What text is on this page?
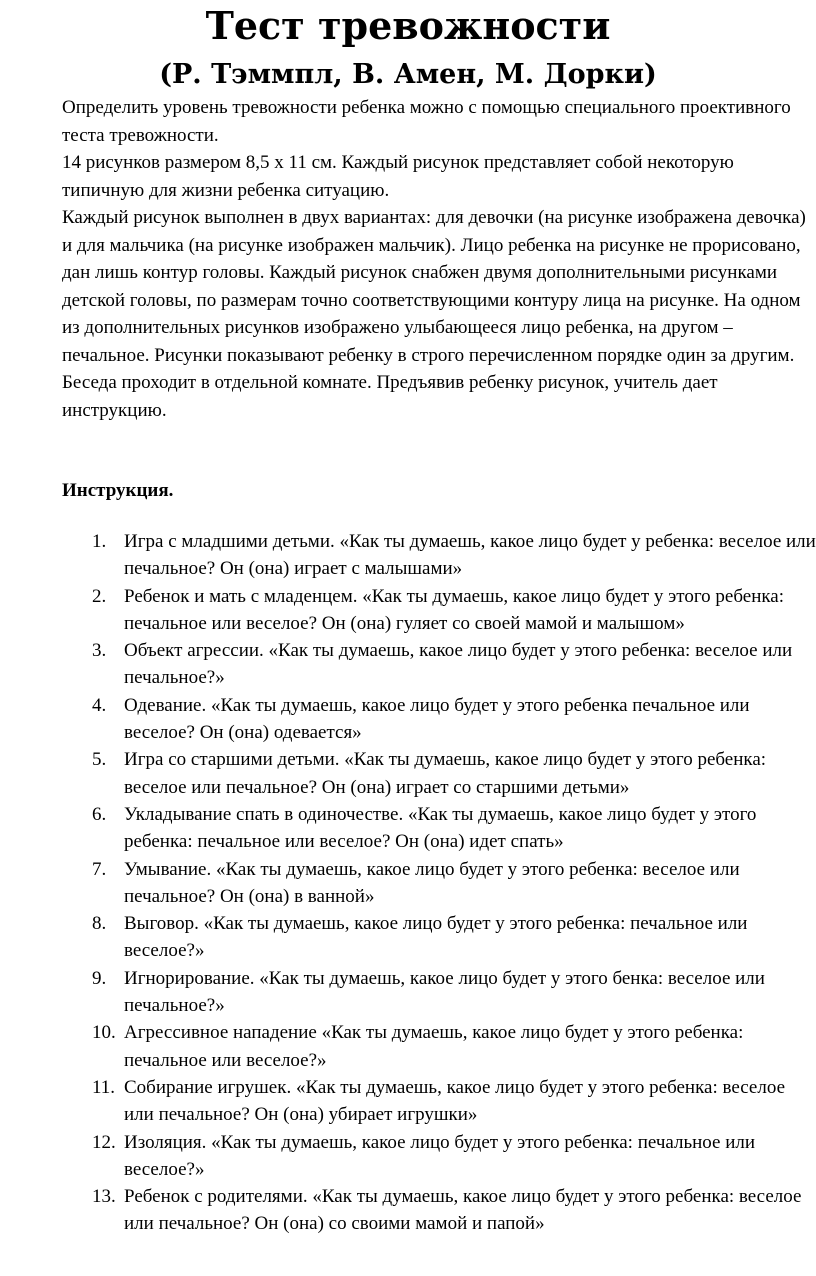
Тест тревожности
(Р. Тэммпл, В. Амен, М. Дорки)

Определить уровень тревожности ребенка можно с помощью специального проективного теста тревожности.

14 рисунков размером 8,5 х 11 см. Каждый рисунок представляет собой некоторую типичную для жизни ребенка ситуацию.

Каждый рисунок выполнен в двух вариантах: для девочки (на рисунке изображена девочка) и для мальчика (на рисунке изображен мальчик). Лицо ребенка на рисунке не прорисовано, дан лишь контур головы. Каждый рисунок снабжен двумя дополнительными рисунками детской головы, по размерам точно соответствующими контуру лица на рисунке. На одном из дополнительных рисунков изображено улыбающееся лицо ребенка, на другом – печальное. Рисунки показывают ребенку в строго перечисленном порядке один за другим. Беседа проходит в отдельной комнате. Предъявив ребенку рисунок, учитель дает инструкцию.

Инструкция.
1. Игра с младшими детьми. «Как ты думаешь, какое лицо будет у ребенка: веселое или печальное? Он (она) играет с малышами»
2. Ребенок и мать с младенцем. «Как ты думаешь, какое лицо будет у этого ребенка: печальное или веселое? Он (она) гуляет со своей мамой и малышом»
3. Объект агрессии. «Как ты думаешь, какое лицо будет у этого ребенка: веселое или печальное?»
4. Одевание. «Как ты думаешь, какое лицо будет у этого ребенка печальное или веселое? Он (она) одевается»
5. Игра со старшими детьми. «Как ты думаешь, какое лицо будет у этого ребенка: веселое или печальное? Он (она) играет со старшими детьми»
6. Укладывание спать в одиночестве. «Как ты думаешь, какое лицо будет у этого ребенка: печальное или веселое? Он (она) идет спать»
7. Умывание. «Как ты думаешь, какое лицо будет у этого ребенка: веселое или печальное? Он (она) в ванной»
8. Выговор. «Как ты думаешь, какое лицо будет у этого ребенка: печальное или веселое?»
9. Игнорирование. «Как ты думаешь, какое лицо будет у этого бенка: веселое или печальное?»
10. Агрессивное нападение «Как ты думаешь, какое лицо будет у этого ребенка: печальное или веселое?»
11. Собирание игрушек. «Как ты думаешь, какое лицо будет у этого ребенка: веселое или печальное? Он (она) убирает игрушки»
12. Изоляция. «Как ты думаешь, какое лицо будет у этого ребенка: печальное или веселое?»
13. Ребенок с родителями. «Как ты думаешь, какое лицо будет у этого ребенка: веселое или печальное? Он (она) со своими мамой и папой»
